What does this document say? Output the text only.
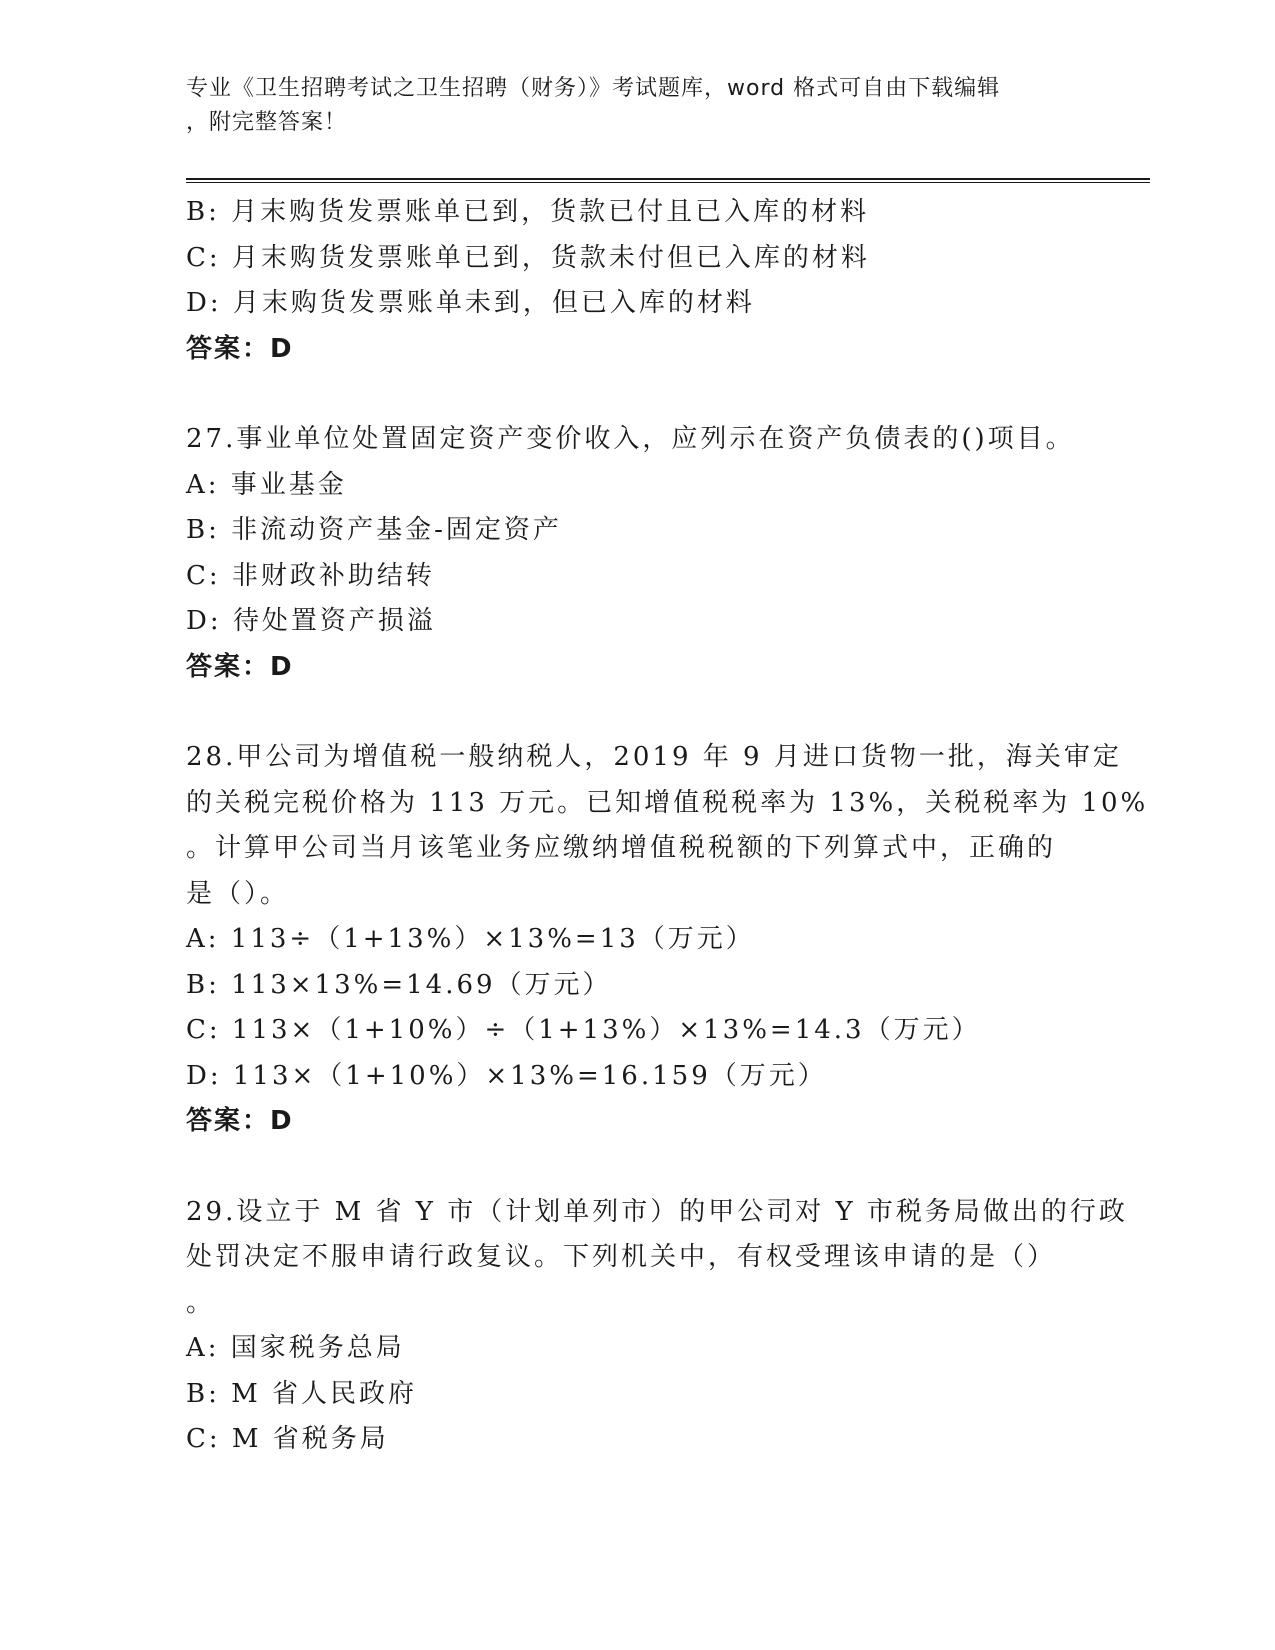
专业《卫生招聘考试之卫生招聘（财务）》考试题库，word 格式可自由下载编辑
，附完整答案！
B: 月末购货发票账单已到，货款已付且已入库的材料
C: 月末购货发票账单已到，货款未付但已入库的材料
D: 月末购货发票账单未到，但已入库的材料
答案：D
27.事业单位处置固定资产变价收入，应列示在资产负债表的()项目。
A: 事业基金
B: 非流动资产基金-固定资产
C: 非财政补助结转
D: 待处置资产损溢
答案：D
28.甲公司为增值税一般纳税人，2019 年 9 月进口货物一批，海关审定
的关税完税价格为 113 万元。已知增值税税率为 13%，关税税率为 10%
。计算甲公司当月该笔业务应缴纳增值税税额的下列算式中，正确的
是（）。
A: 113÷（1+13%）×13%=13（万元）
B: 113×13%=14.69（万元）
C: 113×（1+10%）÷（1+13%）×13%=14.3（万元）
D: 113×（1+10%）×13%=16.159（万元）
答案：D
29.设立于 M 省 Y 市（计划单列市）的甲公司对 Y 市税务局做出的行政
处罚决定不服申请行政复议。下列机关中，有权受理该申请的是（）
。
A: 国家税务总局
B: M 省人民政府
C: M 省税务局
